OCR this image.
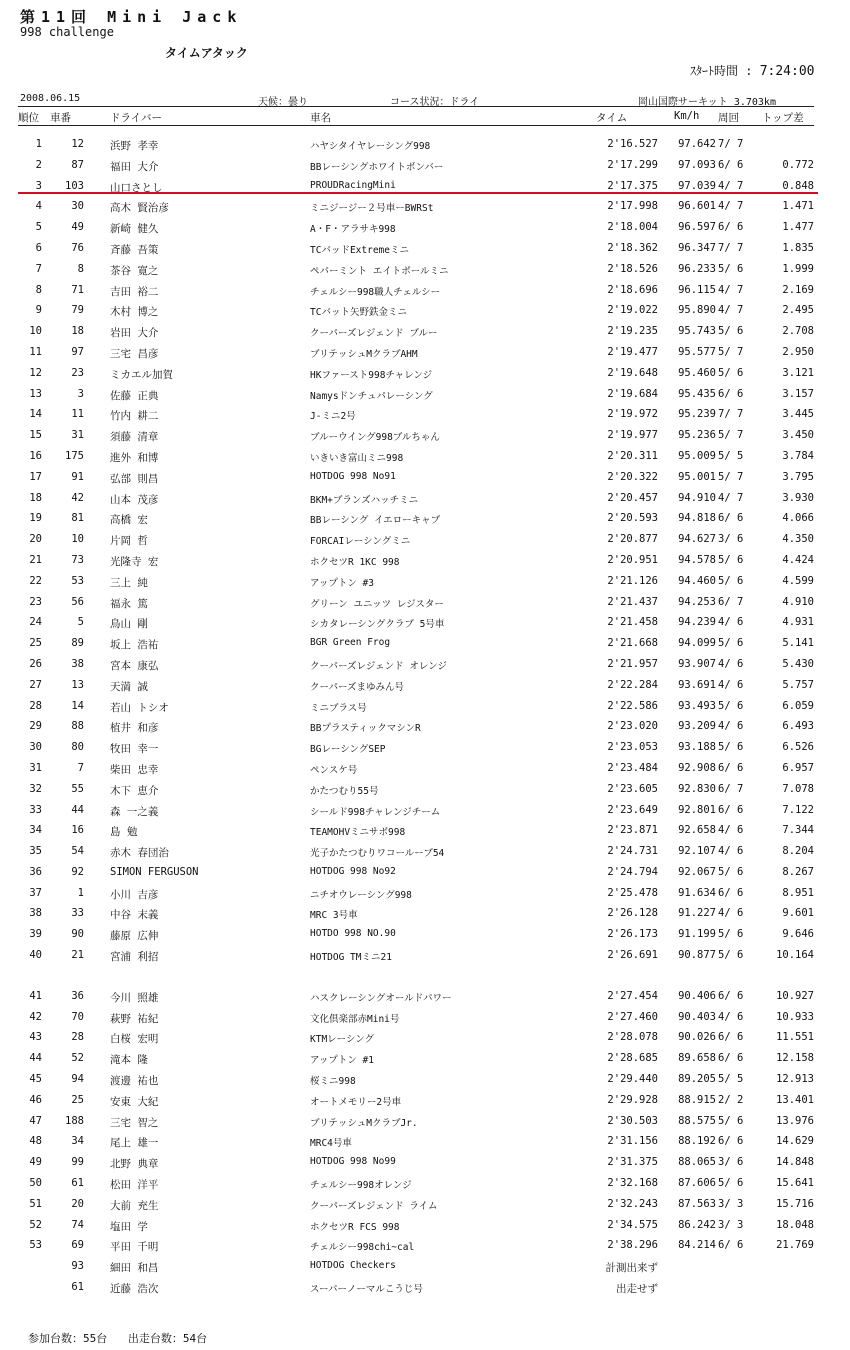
第11回 Mini Jack
998 challenge
タイムアタック
ｽﾀｰﾄ時間 : 7:24:00
2008.06.15	天候：曇り	コース状況：ドライ	岡山国際サーキット 3.703km
順位 車番	ドライバー	車名	タイム	Km/h 周回 トップ差
1	12 浜野 孝幸	ハヤシタイヤレーシング998	2'16.527	97.642 7/ 7
2	87 福田 大介	BBレーシングホワイトボンバー	2'17.299	97.093 6/ 6	0.772
3	103 山口さとし	PROUDRacingMini	2'17.375	97.039 4/ 7	0.848
4	30 高木 賢治彦	ミニジージー２号車ーBWRSt	2'17.998	96.601 4/ 7	1.471
5	49 新崎 健久	A・F・アラサキ998	2'18.004	96.597 6/ 6	1.477
6	76 斉藤 吾策	TCバッドExtremeミニ	2'18.362	96.347 7/ 7	1.835
7	8 茶谷 寛之	ペパーミント エイトボールミニ	2'18.526	96.233 5/ 6	1.999
8	71 吉田 裕二	チェルシー998職人チェルシー	2'18.696	96.115 4/ 7	2.169
9	79 木村 博之	TCバット矢野鉄金ミニ	2'19.022	95.890 4/ 7	2.495
10	18 岩田 大介	クーパーズレジェンド ブルー	2'19.235	95.743 5/ 6	2.708
11	97 三宅 昌彦	ブリテッシュMクラブAHM	2'19.477	95.577 5/ 7	2.950
12	23 ミカエル加賀	HKファースト998チャレンジ	2'19.648	95.460 5/ 6	3.121
13	3 佐藤 正典	Namysドンチュパレーシング	2'19.684	95.435 6/ 6	3.157
14	11 竹内 耕二	J-ミニ2号	2'19.972	95.239 7/ 7	3.445
15	31 須藤 清章	ブルーウイング998ブルちゃん	2'19.977	95.236 5/ 7	3.450
16	175 進外 和博	いきいき富山ミニ998	2'20.311	95.009 5/ 5	3.784
17	91 弘部 則昌	HOTDOG 998 No91	2'20.322	95.001 5/ 7	3.795
18	42 山本 茂彦	BKM+ブランズハッチミニ	2'20.457	94.910 4/ 7	3.930
19	81 高橋 宏	BBレーシング イエローキャブ	2'20.593	94.818 6/ 6	4.066
20	10 片岡 哲	FORCAIレーシングミニ	2'20.877	94.627 3/ 6	4.350
21	73 光隆寺 宏	ホクセツR 1KC 998	2'20.951	94.578 5/ 6	4.424
22	53 三上 純	アップトン #3	2'21.126	94.460 5/ 6	4.599
23	56 福永 篤	グリーン ユニッツ レジスター	2'21.437	94.253 6/ 7	4.910
24	5 鳥山 剛	シカタレーシングクラブ 5号車	2'21.458	94.239 4/ 6	4.931
25	89 坂上 浩祐	BGR Green Frog	2'21.668	94.099 5/ 6	5.141
26	38 宮本 康弘	クーパーズレジェンド オレンジ	2'21.957	93.907 4/ 6	5.430
27	13 天満 誠	クーパーズまゆみん号	2'22.284	93.691 4/ 6	5.757
28	14 若山 トシオ	ミニブラス号	2'22.586	93.493 5/ 6	6.059
29	88 植井 和彦	BBプラスティックマシンR	2'23.020	93.209 4/ 6	6.493
30	80 牧田 幸一	BGレーシングSEP	2'23.053	93.188 5/ 6	6.526
31	7 柴田 忠幸	ペンスケ号	2'23.484	92.908 6/ 6	6.957
32	55 木下 恵介	かたつむり55号	2'23.605	92.830 6/ 7	7.078
33	44 森 一之義	シールド998チャレンジチーム	2'23.649	92.801 6/ 6	7.122
34	16 島 勉	TEAMOHVミニサボ998	2'23.871	92.658 4/ 6	7.344
35	54 赤木 春団治	光子かたつむりワコールーブ54	2'24.731	92.107 4/ 6	8.204
36	92 SIMON FERGUSON	HOTDOG 998 No92	2'24.794	92.067 5/ 6	8.267
37	1 小川 吉彦	ニチオウレーシング998	2'25.478	91.634 6/ 6	8.951
38	33 中谷 末義	MRC 3号車	2'26.128	91.227 4/ 6	9.601
39	90 藤原 広伸	HOTDO 998 NO.90	2'26.173	91.199 5/ 6	9.646
40	21 宮浦 利招	HOTDOG TMミニ21	2'26.691	90.877 5/ 6	10.164
41	36 今川 照雄	ハスクレーシングオールドパワー	2'27.454	90.406 6/ 6	10.927
42	70 萩野 祐紀	文化倶楽部赤Mini号	2'27.460	90.403 4/ 6	10.933
43	28 白桜 宏明	KTMレーシング	2'28.078	90.026 6/ 6	11.551
44	52 滝本 隆	アップトン #1	2'28.685	89.658 6/ 6	12.158
45	94 渡邊 祐也	桜ミニ998	2'29.440	89.205 5/ 5	12.913
46	25 安東 大紀	オートメモリー2号車	2'29.928	88.915 2/ 2	13.401
47	188 三宅 智之	ブリテッシュMクラブJr.	2'30.503	88.575 5/ 6	13.976
48	34 尾上 雄一	MRC4号車	2'31.156	88.192 6/ 6	14.629
49	99 北野 典章	HOTDOG 998 No99	2'31.375	88.065 3/ 6	14.848
50	61 松田 洋平	チェルシー998オレンジ	2'32.168	87.606 5/ 6	15.641
51	20 大前 充生	クーパーズレジェンド ライム	2'32.243	87.563 3/ 3	15.716
52	74 塩田 学	ホクセツR FCS 998	2'34.575	86.242 3/ 3	18.048
53	69 平田 千明	チェルシー998chi~cal	2'38.296	84.214 6/ 6	21.769
93 細田 和昌	HOTDOG Checkers	計測出来ず
61 近藤 浩次	スーパーノーマルこうじ号	出走せず
参加台数：55台 出走台数：54台
